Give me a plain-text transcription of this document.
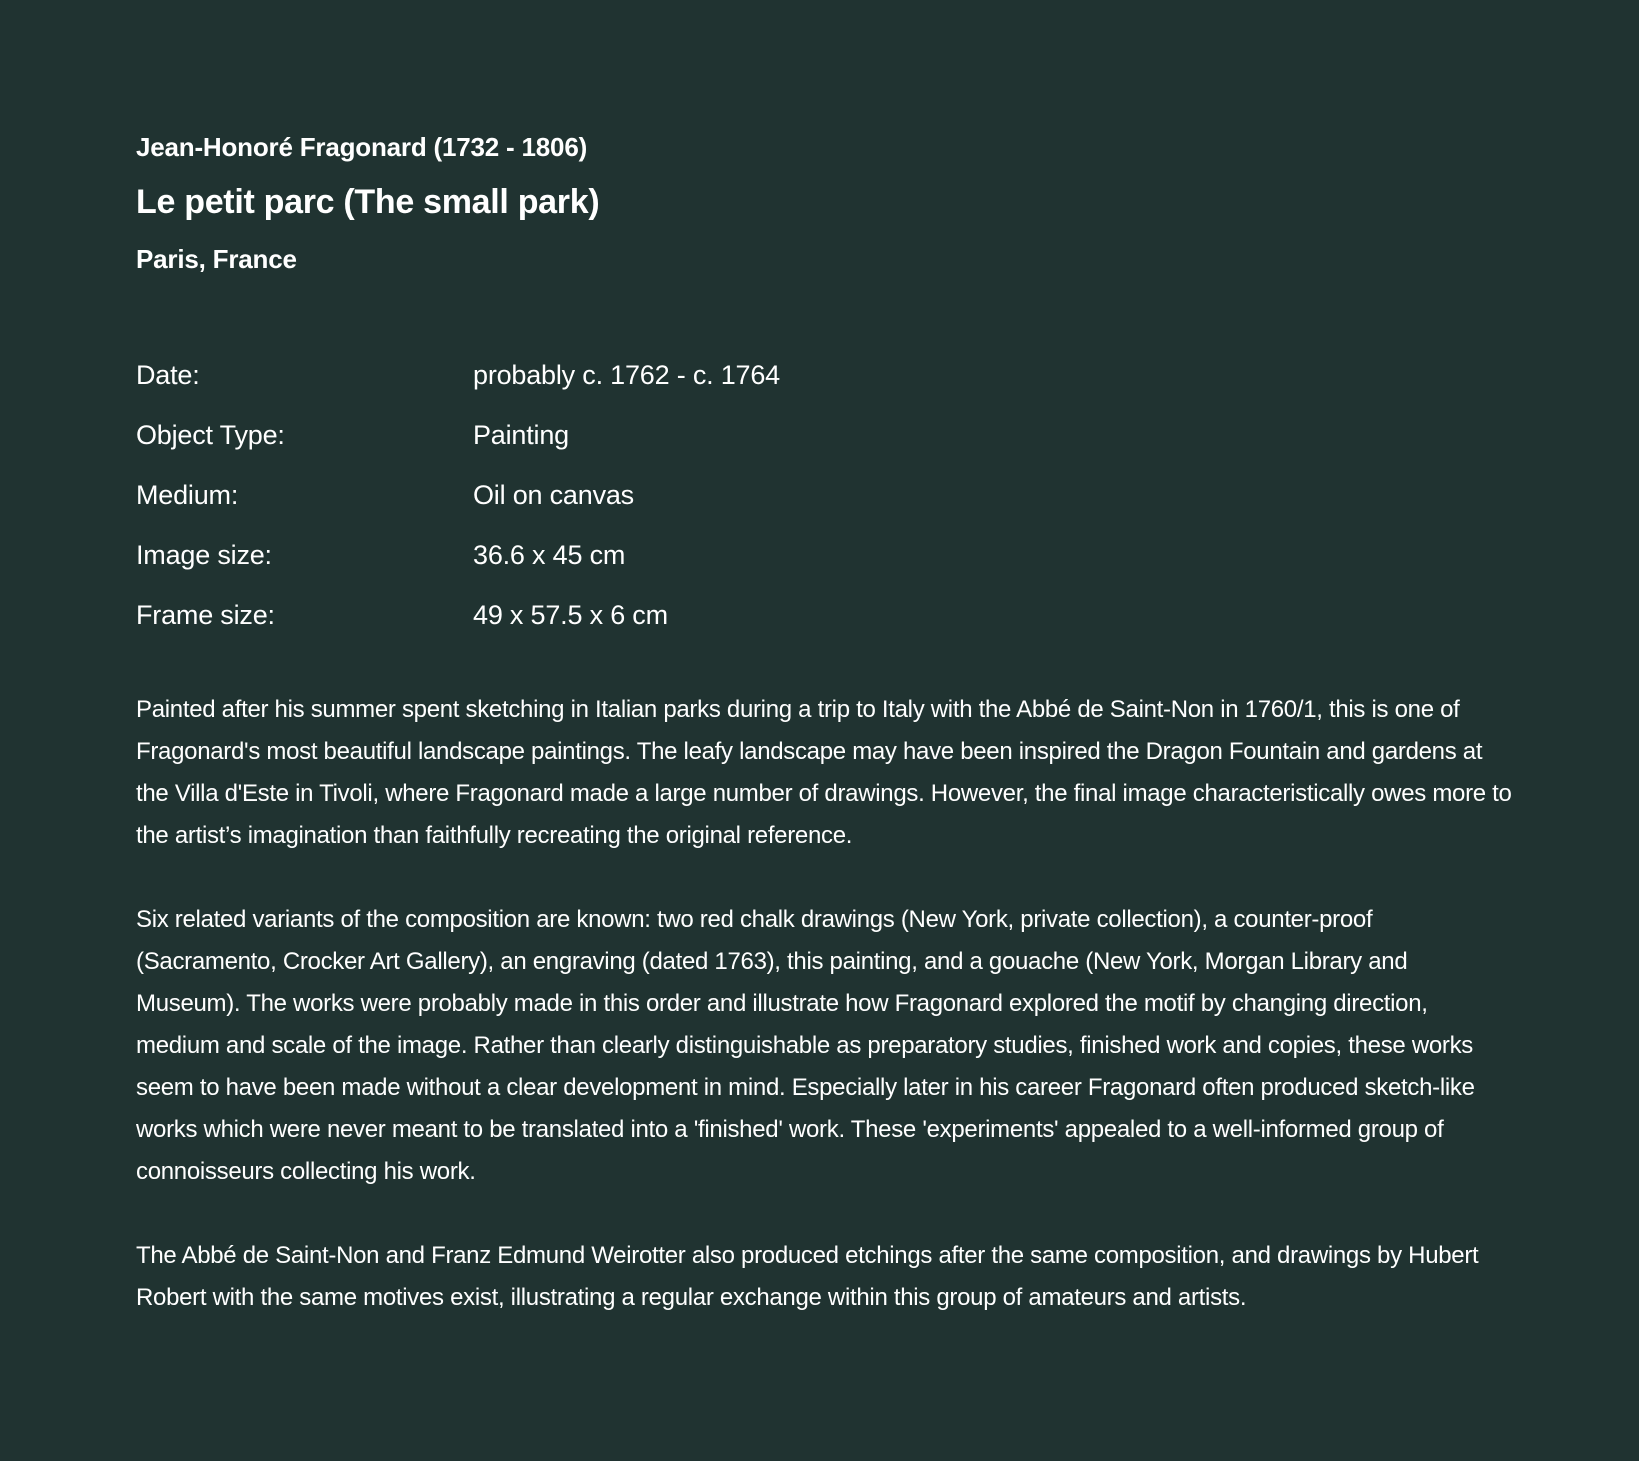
Jean-Honoré Fragonard (1732 - 1806)
Le petit parc (The small park)
Paris, France
Date:	probably c. 1762 - c. 1764
Object Type:	Painting
Medium:	Oil on canvas
Image size:	36.6 x 45 cm
Frame size:	49 x 57.5 x 6 cm

Painted after his summer spent sketching in Italian parks during a trip to Italy with the Abbé de Saint-Non in 1760/1, this is one of Fragonard's most beautiful landscape paintings. The leafy landscape may have been inspired the Dragon Fountain and gardens at the Villa d'Este in Tivoli, where Fragonard made a large number of drawings. However, the final image characteristically owes more to the artist’s imagination than faithfully recreating the original reference.

Six related variants of the composition are known: two red chalk drawings (New York, private collection), a counter-proof (Sacramento, Crocker Art Gallery), an engraving (dated 1763), this painting, and a gouache (New York, Morgan Library and Museum). The works were probably made in this order and illustrate how Fragonard explored the motif by changing direction, medium and scale of the image. Rather than clearly distinguishable as preparatory studies, finished work and copies, these works seem to have been made without a clear development in mind. Especially later in his career Fragonard often produced sketch-like works which were never meant to be translated into a 'finished' work. These 'experiments' appealed to a well-informed group of connoisseurs collecting his work.

The Abbé de Saint-Non and Franz Edmund Weirotter also produced etchings after the same composition, and drawings by Hubert Robert with the same motives exist, illustrating a regular exchange within this group of amateurs and artists.
